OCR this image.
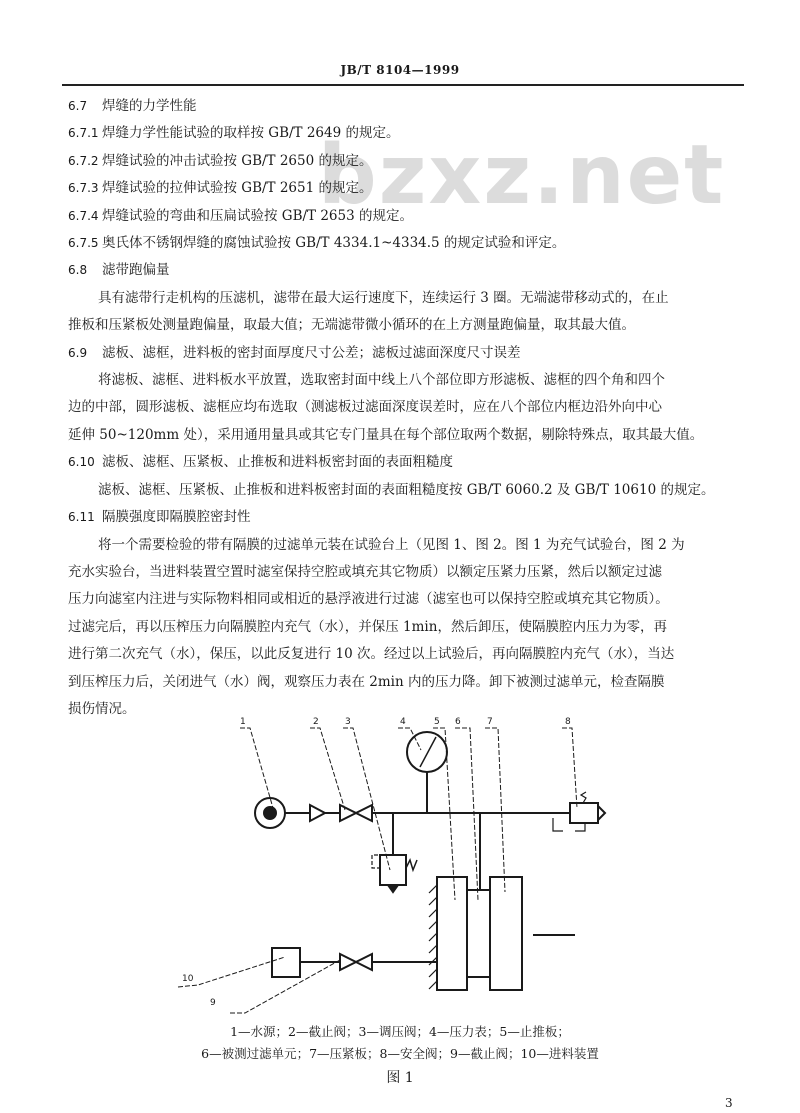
JB/T 8104—1999
bzxz.net
6.7 焊缝的力学性能
6.7.1 焊缝力学性能试验的取样按 GB/T 2649 的规定。
6.7.2 焊缝试验的冲击试验按 GB/T 2650 的规定。
6.7.3 焊缝试验的拉伸试验按 GB/T 2651 的规定。
6.7.4 焊缝试验的弯曲和压扁试验按 GB/T 2653 的规定。
6.7.5 奥氏体不锈钢焊缝的腐蚀试验按 GB/T 4334.1~4334.5 的规定试验和评定。
6.8 滤带跑偏量
具有滤带行走机构的压滤机，滤带在最大运行速度下，连续运行 3 圈。无端滤带移动式的，在止
推板和压紧板处测量跑偏量，取最大值；无端滤带微小循环的在上方测量跑偏量，取其最大值。
6.9 滤板、滤框，进料板的密封面厚度尺寸公差；滤板过滤面深度尺寸误差
将滤板、滤框、进料板水平放置，选取密封面中线上八个部位即方形滤板、滤框的四个角和四个
边的中部，圆形滤板、滤框应均布选取（测滤板过滤面深度误差时，应在八个部位内框边沿外向中心
延伸 50~120mm 处），采用通用量具或其它专门量具在每个部位取两个数据，剔除特殊点，取其最大值。
6.10 滤板、滤框、压紧板、止推板和进料板密封面的表面粗糙度
滤板、滤框、压紧板、止推板和进料板密封面的表面粗糙度按 GB/T 6060.2 及 GB/T 10610 的规定。
6.11 隔膜强度即隔膜腔密封性
将一个需要检验的带有隔膜的过滤单元装在试验台上（见图 1、图 2。图 1 为充气试验台，图 2 为
充水实验台，当进料装置空置时滤室保持空腔或填充其它物质）以额定压紧力压紧，然后以额定过滤
压力向滤室内注进与实际物料相同或相近的悬浮液进行过滤（滤室也可以保持空腔或填充其它物质）。
过滤完后，再以压榨压力向隔膜腔内充气（水），并保压 1min，然后卸压，使隔膜腔内压力为零，再
进行第二次充气（水），保压，以此反复进行 10 次。经过以上试验后，再向隔膜腔内充气（水），当达
到压榨压力后，关闭进气（水）阀，观察压力表在 2min 内的压力降。卸下被测过滤单元，检查隔膜
损伤情况。
1	2	3	4	5 6	7	8
9
10
1—水源；2—截止阀；3—调压阀；4—压力表；5—止推板；
6—被测过滤单元；7—压紧板；8—安全阀；9—截止阀；10—进料装置
图 1
3
